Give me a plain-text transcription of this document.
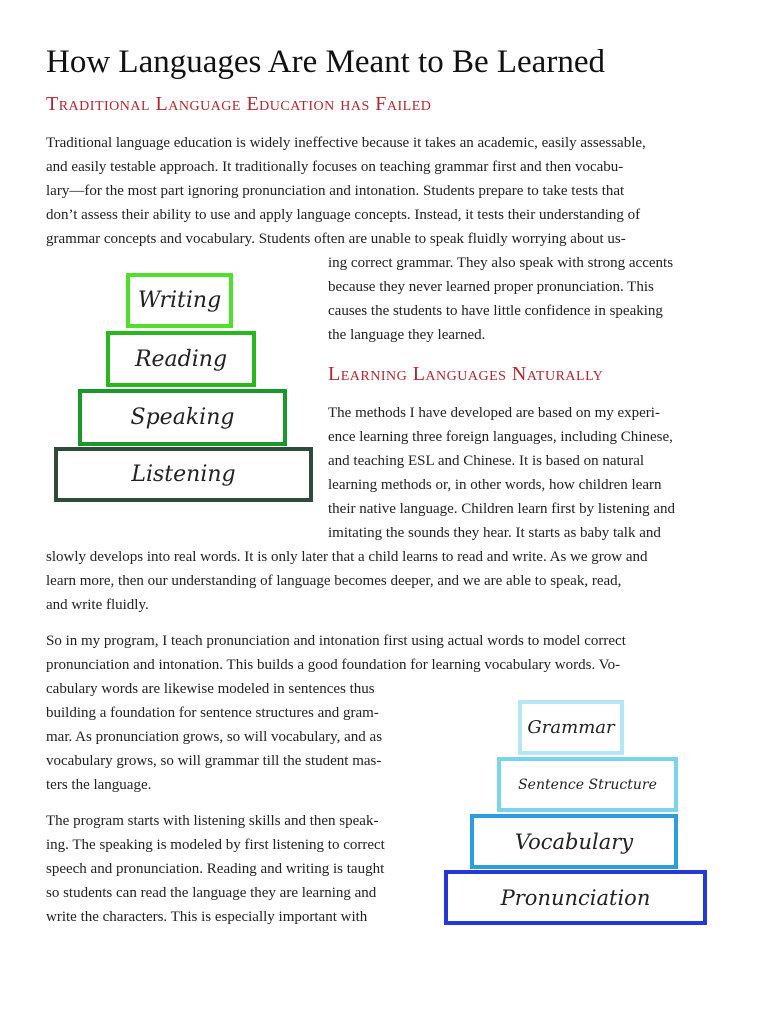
How Languages Are Meant to Be Learned
Traditional Language Education has Failed
Traditional language education is widely ineffective because it takes an academic, easily assessable,
and easily testable approach. It traditionally focuses on teaching grammar first and then vocabu-
lary—for the most part ignoring pronunciation and intonation. Students prepare to take tests that
don’t assess their ability to use and apply language concepts. Instead, it tests their understanding of
grammar concepts and vocabulary. Students often are unable to speak fluidly worrying about us-
ing correct grammar. They also speak with strong accents
because they never learned proper pronunciation. This
causes the students to have little confidence in speaking
the language they learned.
Writing
Reading
Speaking
Listening
Learning Languages Naturally
The methods I have developed are based on my experi-
ence learning three foreign languages, including Chinese,
and teaching ESL and Chinese. It is based on natural
learning methods or, in other words, how children learn
their native language. Children learn first by listening and
imitating the sounds they hear. It starts as baby talk and
slowly develops into real words. It is only later that a child learns to read and write. As we grow and
learn more, then our understanding of language becomes deeper, and we are able to speak, read,
and write fluidly.
So in my program, I teach pronunciation and intonation first using actual words to model correct
pronunciation and intonation. This builds a good foundation for learning vocabulary words. Vo-
cabulary words are likewise modeled in sentences thus
building a foundation for sentence structures and gram-
mar. As pronunciation grows, so will vocabulary, and as
vocabulary grows, so will grammar till the student mas-
ters the language.
The program starts with listening skills and then speak-
ing. The speaking is modeled by first listening to correct
speech and pronunciation. Reading and writing is taught
so students can read the language they are learning and
write the characters. This is especially important with
Grammar
Sentence Structure
Vocabulary
Pronunciation
